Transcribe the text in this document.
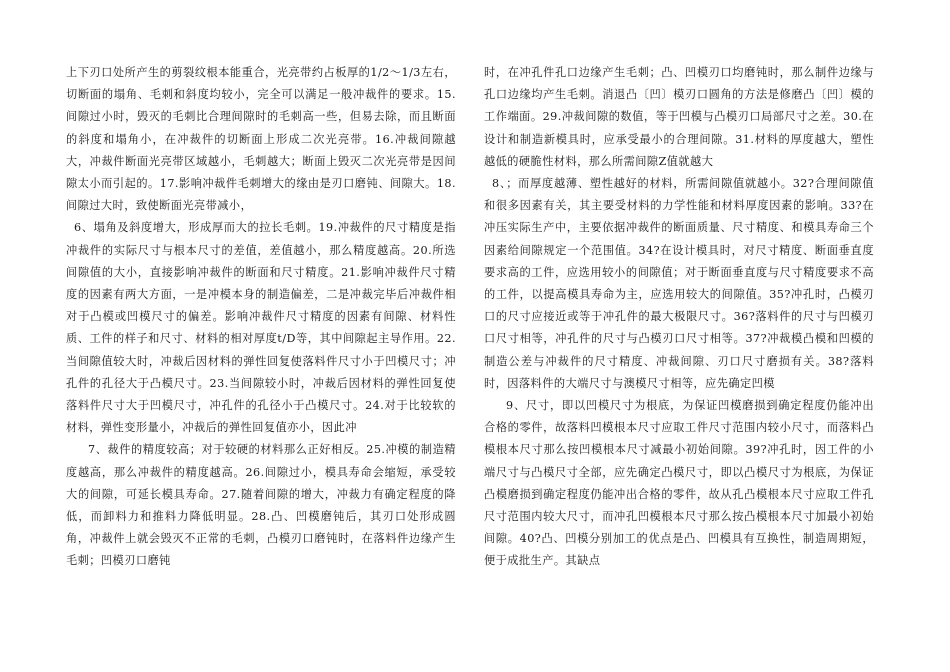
上下刃口处所产生的剪裂纹根本能重合，光亮带约占板厚的1/2～1/3左右，切断面的塌角、毛刺和斜度均较小，完全可以满足一般冲裁件的要求。15.间隙过小时，毁灭的毛刺比合理间隙时的毛刺高一些，但易去除，而且断面的斜度和塌角小，在冲裁件的切断面上形成二次光亮带。16.冲裁间隙越大，冲裁件断面光亮带区域越小，毛刺越大；断面上毁灭二次光亮带是因间隙太小而引起的。17.影响冲裁件毛刺增大的缘由是刃口磨钝、间隙大。18.间隙过大时，致使断面光亮带减小，

6、塌角及斜度增大，形成厚而大的拉长毛刺。19.冲裁件的尺寸精度是指冲裁件的实际尺寸与根本尺寸的差值，差值越小，那么精度越高。20.所选间隙值的大小，直接影响冲裁件的断面和尺寸精度。21.影响冲裁件尺寸精度的因素有两大方面，一是冲模本身的制造偏差，二是冲裁完毕后冲裁件相对于凸模或凹模尺寸的偏差。影响冲裁件尺寸精度的因素有间隙、材料性质、工件的样子和尺寸、材料的相对厚度t/D等，其中间隙起主导作用。22.当间隙值较大时，冲裁后因材料的弹性回复使落料件尺寸小于凹模尺寸；冲孔件的孔径大于凸模尺寸。23.当间隙较小时，冲裁后因材料的弹性回复使落料件尺寸大于凹模尺寸，冲孔件的孔径小于凸模尺寸。24.对于比较软的材料，弹性变形量小，冲裁后的弹性回复值亦小，因此冲

7、裁件的精度较高；对于较硬的材料那么正好相反。25.冲模的制造精度越高，那么冲裁件的精度越高。26.间隙过小，模具寿命会缩短，承受较大的间隙，可延长模具寿命。27.随着间隙的增大，冲裁力有确定程度的降低，而卸料力和推料力降低明显。28.凸、凹模磨钝后，其刃口处形成圆角，冲裁件上就会毁灭不正常的毛刺，凸模刃口磨钝时，在落料件边缘产生毛刺；凹模刃口磨钝

时，在冲孔件孔口边缘产生毛刺；凸、凹模刃口均磨钝时，那么制件边缘与孔口边缘均产生毛刺。消退凸〔凹〕模刃口圆角的方法是修磨凸〔凹〕模的工作端面。29.冲裁间隙的数值，等于凹模与凸模刃口局部尺寸之差。30.在设计和制造新模具时，应承受最小的合理间隙。31.材料的厚度越大，塑性越低的硬脆性材料，那么所需间隙Z值就越大

8、；而厚度越薄、塑性越好的材料，所需间隙值就越小。32?合理间隙值和很多因素有关，其主要受材料的力学性能和材料厚度因素的影响。33?在冲压实际生产中，主要依据冲裁件的断面质量、尺寸精度、和模具寿命三个因素给间隙规定一个范围值。34?在设计模具时，对尺寸精度、断面垂直度要求高的工件，应选用较小的间隙值；对于断面垂直度与尺寸精度要求不高的工件，以提高模具寿命为主，应选用较大的间隙值。35?冲孔时，凸模刃口的尺寸应接近或等于冲孔件的最大极限尺寸。36?落料件的尺寸与凹模刃口尺寸相等，冲孔件的尺寸与凸模刃口尺寸相等。37?冲裁模凸模和凹模的制造公差与冲裁件的尺寸精度、冲裁间隙、刃口尺寸磨损有关。38?落料时，因落料件的大端尺寸与澳模尺寸相等，应先确定凹模

9、尺寸，即以凹模尺寸为根底，为保证凹模磨损到确定程度仍能冲出合格的零件，故落料凹模根本尺寸应取工件尺寸范围内较小尺寸，而落料凸模根本尺寸那么按凹模根本尺寸减最小初始间隙。39?冲孔时，因工件的小端尺寸与凸模尺寸全部，应先确定凸模尺寸，即以凸模尺寸为根底，为保证凸模磨损到确定程度仍能冲出合格的零件，故从孔凸模根本尺寸应取工件孔尺寸范围内较大尺寸，而冲孔凹模根本尺寸那么按凸模根本尺寸加最小初始间隙。40?凸、凹模分别加工的优点是凸、凹模具有互换性，制造周期短，便于成批生产。其缺点
